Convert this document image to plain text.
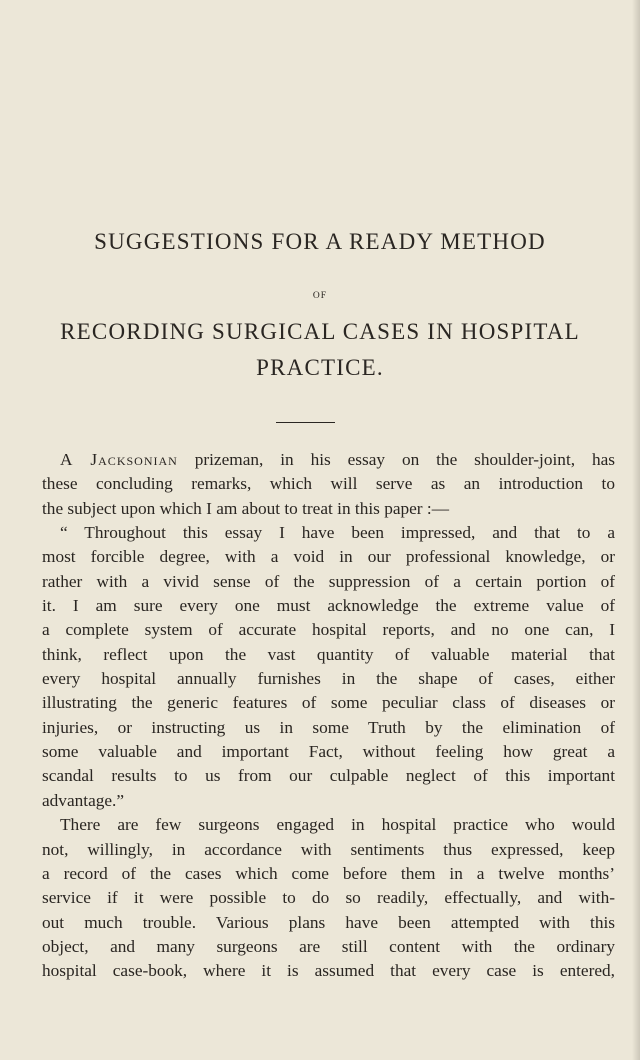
SUGGESTIONS FOR A READY METHOD
OF
RECORDING SURGICAL CASES IN HOSPITAL
PRACTICE.

A Jacksonian prizeman, in his essay on the shoulder-joint, has
these concluding remarks, which will serve as an introduction to

the subject upon which I am about to treat in this paper :—

“ Throughout this essay I have been impressed, and that to a
most forcible degree, with a void in our professional knowledge, or
rather with a vivid sense of the suppression of a certain portion of
it. I am sure every one must acknowledge the extreme value of
a complete system of accurate hospital reports, and no one can, I
think, reflect upon the vast quantity of valuable material that
every hospital annually furnishes in the shape of cases, either
illustrating the generic features of some peculiar class of diseases or
injuries, or instructing us in some Truth by the elimination of
some valuable and important Fact, without feeling how great a
scandal results to us from our culpable neglect of this important

advantage.”

There are few surgeons engaged in hospital practice who would
not, willingly, in accordance with sentiments thus expressed, keep
a record of the cases which come before them in a twelve months’
service if it were possible to do so readily, effectually, and with-
out much trouble. Various plans have been attempted with this
object, and many surgeons are still content with the ordinary
hospital case-book, where it is assumed that every case is entered,
